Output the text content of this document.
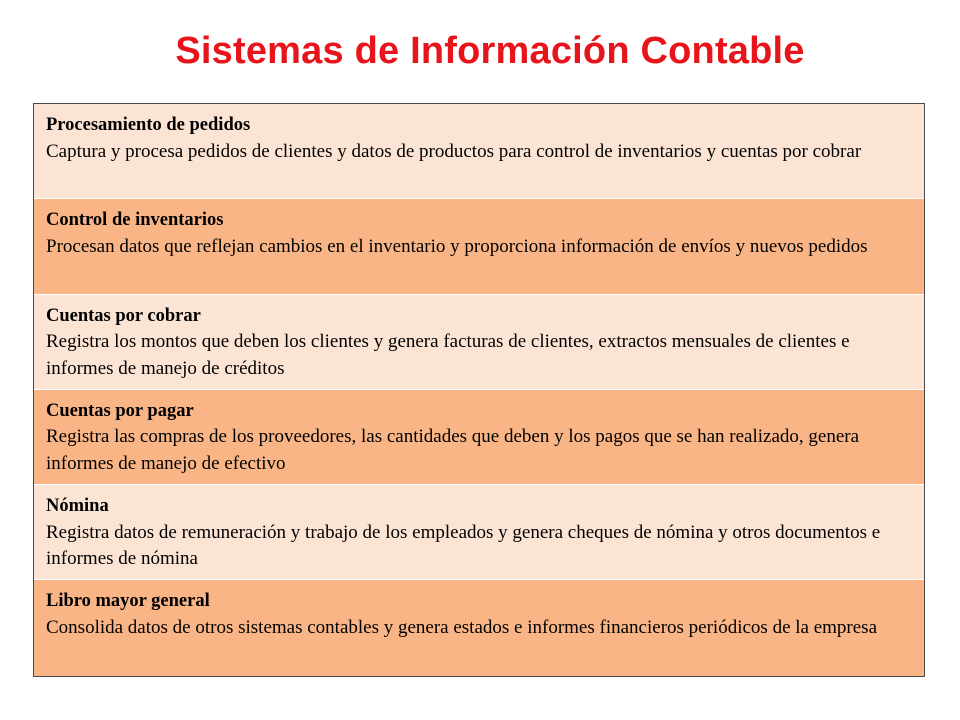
Sistemas de Información Contable
Procesamiento de pedidos
Captura y procesa pedidos de clientes y datos de productos para control de inventarios y cuentas por cobrar
Control de inventarios
Procesan datos que reflejan cambios en el inventario y proporciona información de envíos y nuevos pedidos
Cuentas por cobrar
Registra los montos que deben los clientes y genera facturas de clientes, extractos mensuales de clientes e informes de manejo de créditos
Cuentas por pagar
Registra las compras de los proveedores, las cantidades que deben y los pagos que se han realizado, genera informes de manejo de efectivo
Nómina
Registra datos de remuneración y trabajo de los empleados y genera cheques de nómina y otros documentos e informes de nómina
Libro mayor general
Consolida datos de otros sistemas contables y genera estados e informes financieros periódicos de la empresa
